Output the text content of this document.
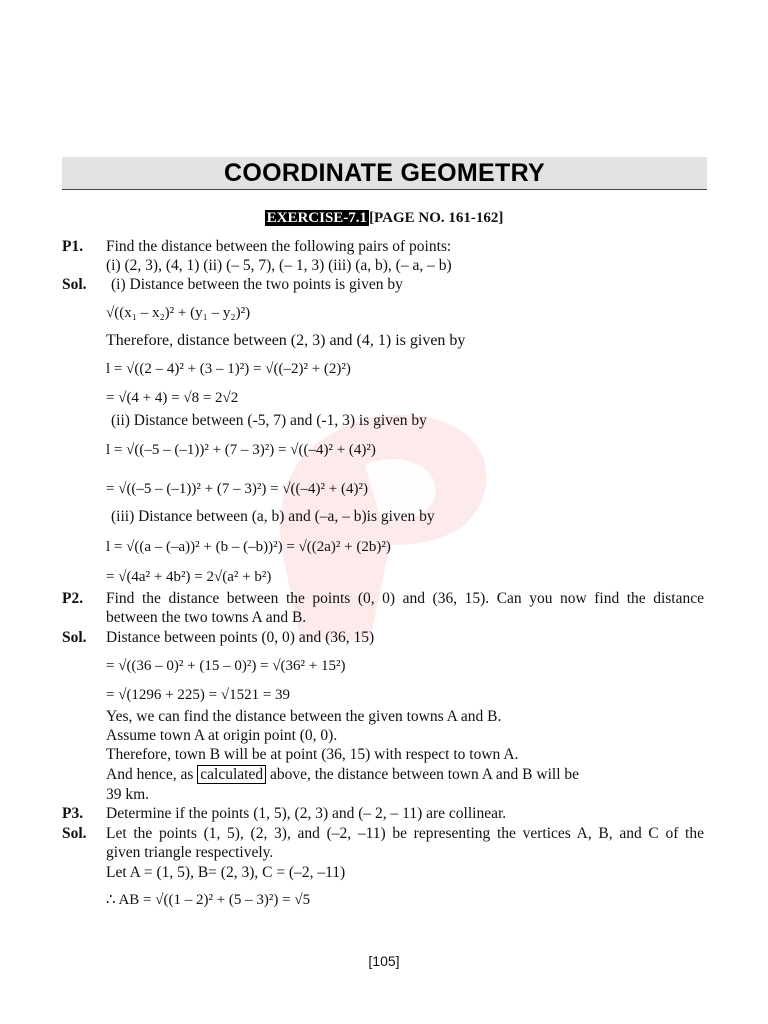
COORDINATE GEOMETRY
EXERCISE-7.1 [PAGE NO. 161-162]
P1. Find the distance between the following pairs of points:
(i) (2, 3), (4, 1) (ii) (– 5, 7), (– 1, 3) (iii) (a, b), (– a, – b)
Sol. (i) Distance between the two points is given by
√((x₁ – x₂)² + (y₁ – y₂)²)
Therefore, distance between (2, 3) and (4, 1) is given by
l = √((2 – 4)² + (3 – 1)²) = √((–2)² + (2)²)
= √(4 + 4) = √8 = 2√2
(ii) Distance between (-5, 7) and (-1, 3) is given by
l = √((–5 – (–1))² + (7 – 3)²) = √((–4)² + (4)²)
= √((–5 – (–1))² + (7 – 3)²) = √((–4)² + (4)²)
(iii) Distance between (a, b) and (–a, – b)is given by
l = √((a – (–a))² + (b – (–b))²) = √((2a)² + (2b)²)
= √(4a² + 4b²) = 2√(a² + b²)
P2. Find the distance between the points (0, 0) and (36, 15). Can you now find the distance
between the two towns A and B.
Sol. Distance between points (0, 0) and (36, 15)
= √((36 – 0)² + (15 – 0)²) = √(36² + 15²)
= √(1296 + 225) = √1521 = 39
Yes, we can find the distance between the given towns A and B.
Assume town A at origin point (0, 0).
Therefore, town B will be at point (36, 15) with respect to town A.
And hence, as calculated above, the distance between town A and B will be
39 km.
P3. Determine if the points (1, 5), (2, 3) and (– 2, – 11) are collinear.
Sol. Let the points (1, 5), (2, 3), and (–2, –11) be representing the vertices A, B, and C of the
given triangle respectively.
Let A = (1, 5), B= (2, 3), C = (–2, –11)
∴ AB = √((1 – 2)² + (5 – 3)²) = √5
[105]
